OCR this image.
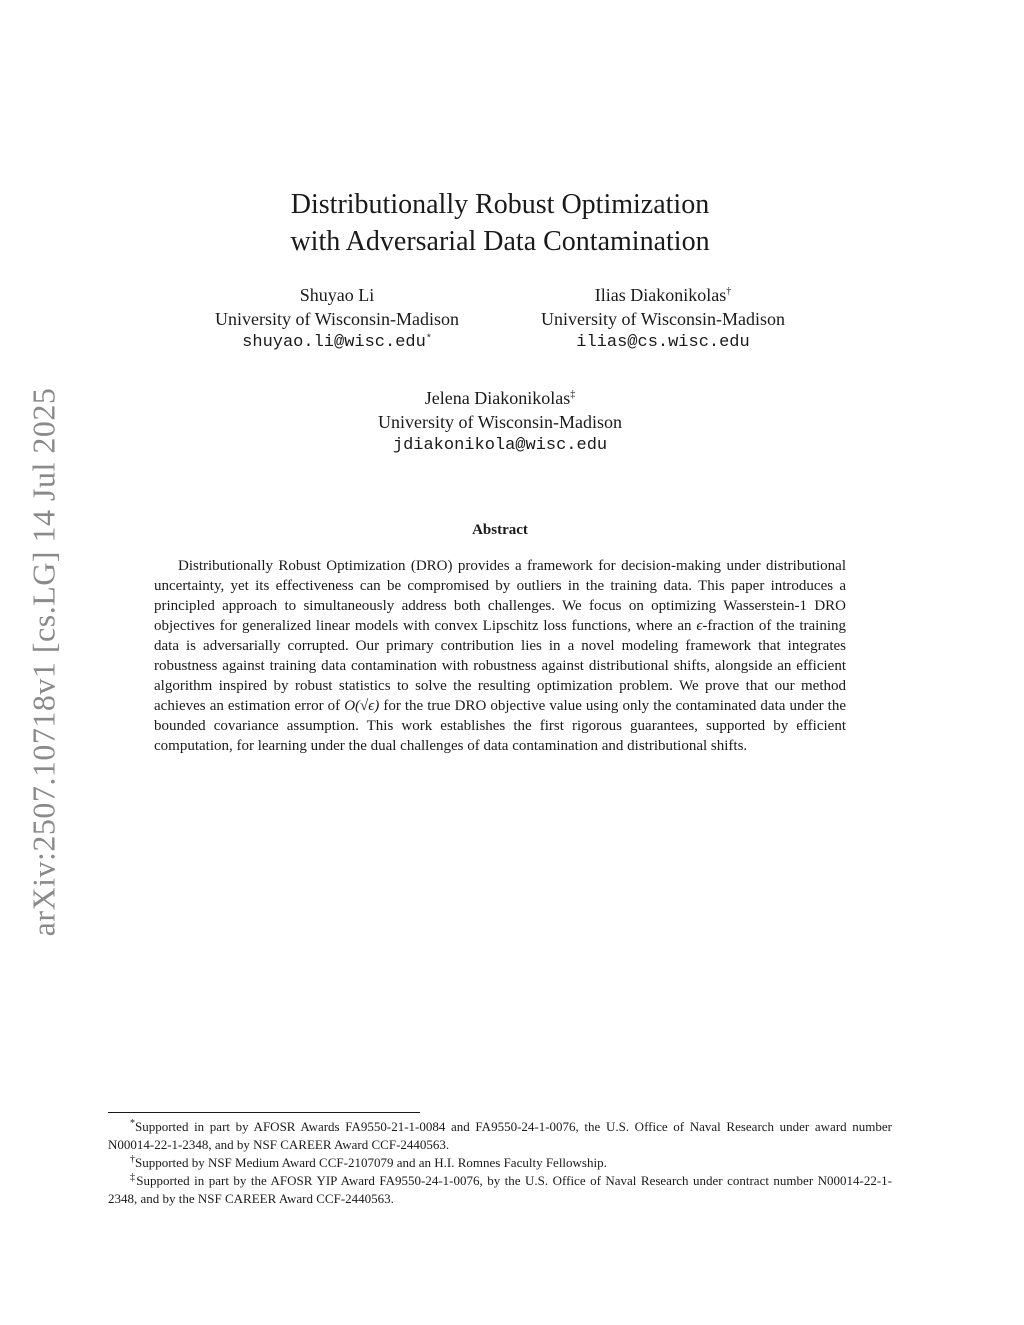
arXiv:2507.10718v1 [cs.LG] 14 Jul 2025
Distributionally Robust Optimization
with Adversarial Data Contamination
Shuyao Li
University of Wisconsin-Madison
shuyao.li@wisc.edu*
Ilias Diakonikolas†
University of Wisconsin-Madison
ilias@cs.wisc.edu
Jelena Diakonikolas‡
University of Wisconsin-Madison
jdiakonikola@wisc.edu
Abstract

Distributionally Robust Optimization (DRO) provides a framework for decision-making under distributional uncertainty, yet its effectiveness can be compromised by outliers in the training data. This paper introduces a principled approach to simultaneously address both challenges. We focus on optimizing Wasserstein-1 DRO objectives for generalized linear models with convex Lipschitz loss functions, where an ϵ-fraction of the training data is adversarially corrupted. Our primary contribution lies in a novel modeling framework that integrates robustness against training data contamination with robustness against distributional shifts, alongside an efficient algorithm inspired by robust statistics to solve the resulting optimization problem. We prove that our method achieves an estimation error of O(√ϵ) for the true DRO objective value using only the contaminated data under the bounded covariance assumption. This work establishes the first rigorous guarantees, supported by efficient computation, for learning under the dual challenges of data contamination and distributional shifts.

*Supported in part by AFOSR Awards FA9550-21-1-0084 and FA9550-24-1-0076, the U.S. Office of Naval Research under award number N00014-22-1-2348, and by NSF CAREER Award CCF-2440563.

†Supported by NSF Medium Award CCF-2107079 and an H.I. Romnes Faculty Fellowship.

‡Supported in part by the AFOSR YIP Award FA9550-24-1-0076, by the U.S. Office of Naval Research under contract number N00014-22-1-2348, and by the NSF CAREER Award CCF-2440563.
